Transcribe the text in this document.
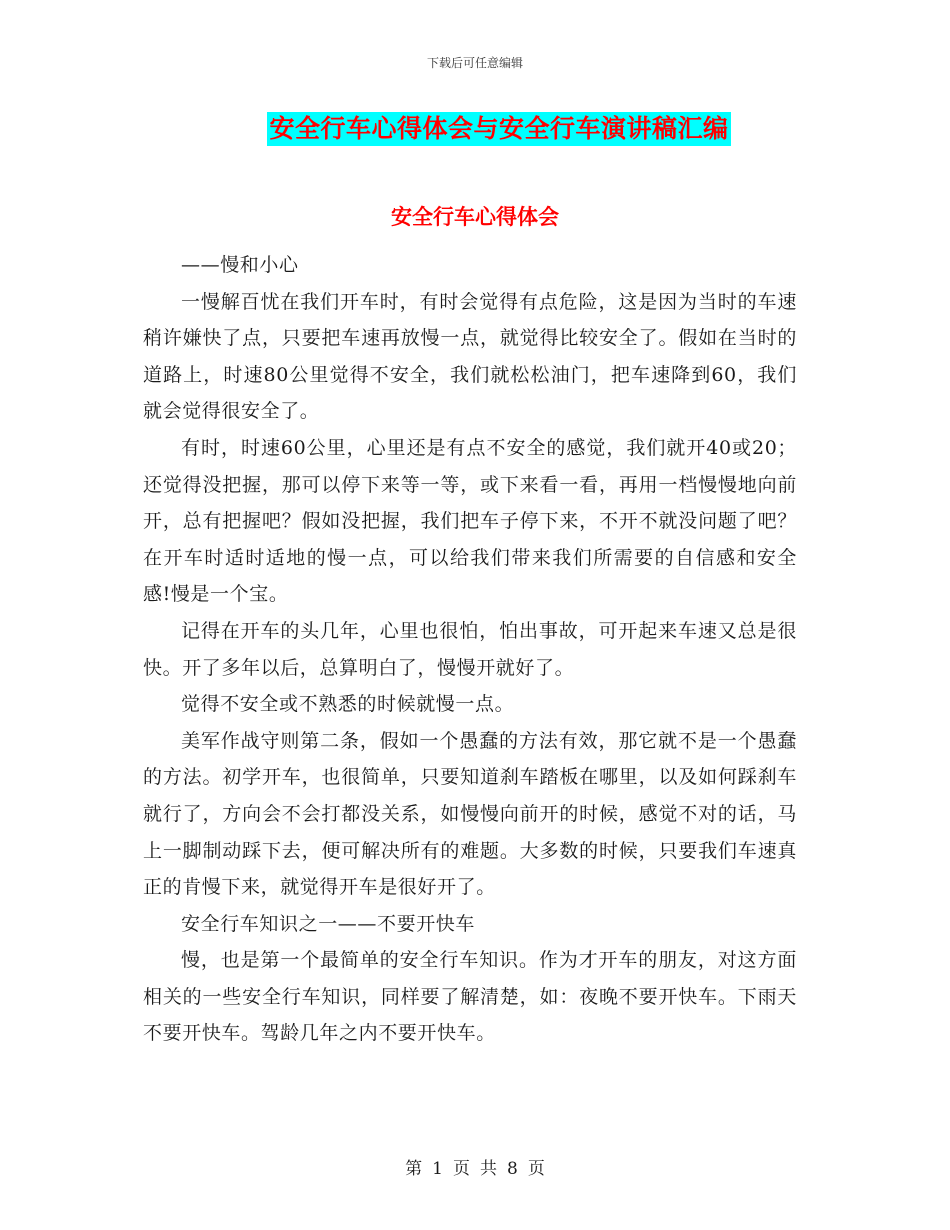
下载后可任意编辑
安全行车心得体会与安全行车演讲稿汇编
安全行车心得体会

——慢和小心

一慢解百忧在我们开车时，有时会觉得有点危险，这是因为当时的车速稍许嫌快了点，只要把车速再放慢一点，就觉得比较安全了。假如在当时的道路上，时速80公里觉得不安全，我们就松松油门，把车速降到60，我们就会觉得很安全了。

有时，时速60公里，心里还是有点不安全的感觉，我们就开40或20；还觉得没把握，那可以停下来等一等，或下来看一看，再用一档慢慢地向前开，总有把握吧？假如没把握，我们把车子停下来，不开不就没问题了吧？在开车时适时适地的慢一点，可以给我们带来我们所需要的自信感和安全感!慢是一个宝。

记得在开车的头几年，心里也很怕，怕出事故，可开起来车速又总是很快。开了多年以后，总算明白了，慢慢开就好了。

觉得不安全或不熟悉的时候就慢一点。

美军作战守则第二条，假如一个愚蠢的方法有效，那它就不是一个愚蠢的方法。初学开车，也很简单，只要知道刹车踏板在哪里，以及如何踩刹车就行了，方向会不会打都没关系，如慢慢向前开的时候，感觉不对的话，马上一脚制动踩下去，便可解决所有的难题。大多数的时候，只要我们车速真正的肯慢下来，就觉得开车是很好开了。

安全行车知识之一——不要开快车

慢，也是第一个最简单的安全行车知识。作为才开车的朋友，对这方面相关的一些安全行车知识，同样要了解清楚，如：夜晚不要开快车。下雨天不要开快车。驾龄几年之内不要开快车。

第 1 页 共 8 页
